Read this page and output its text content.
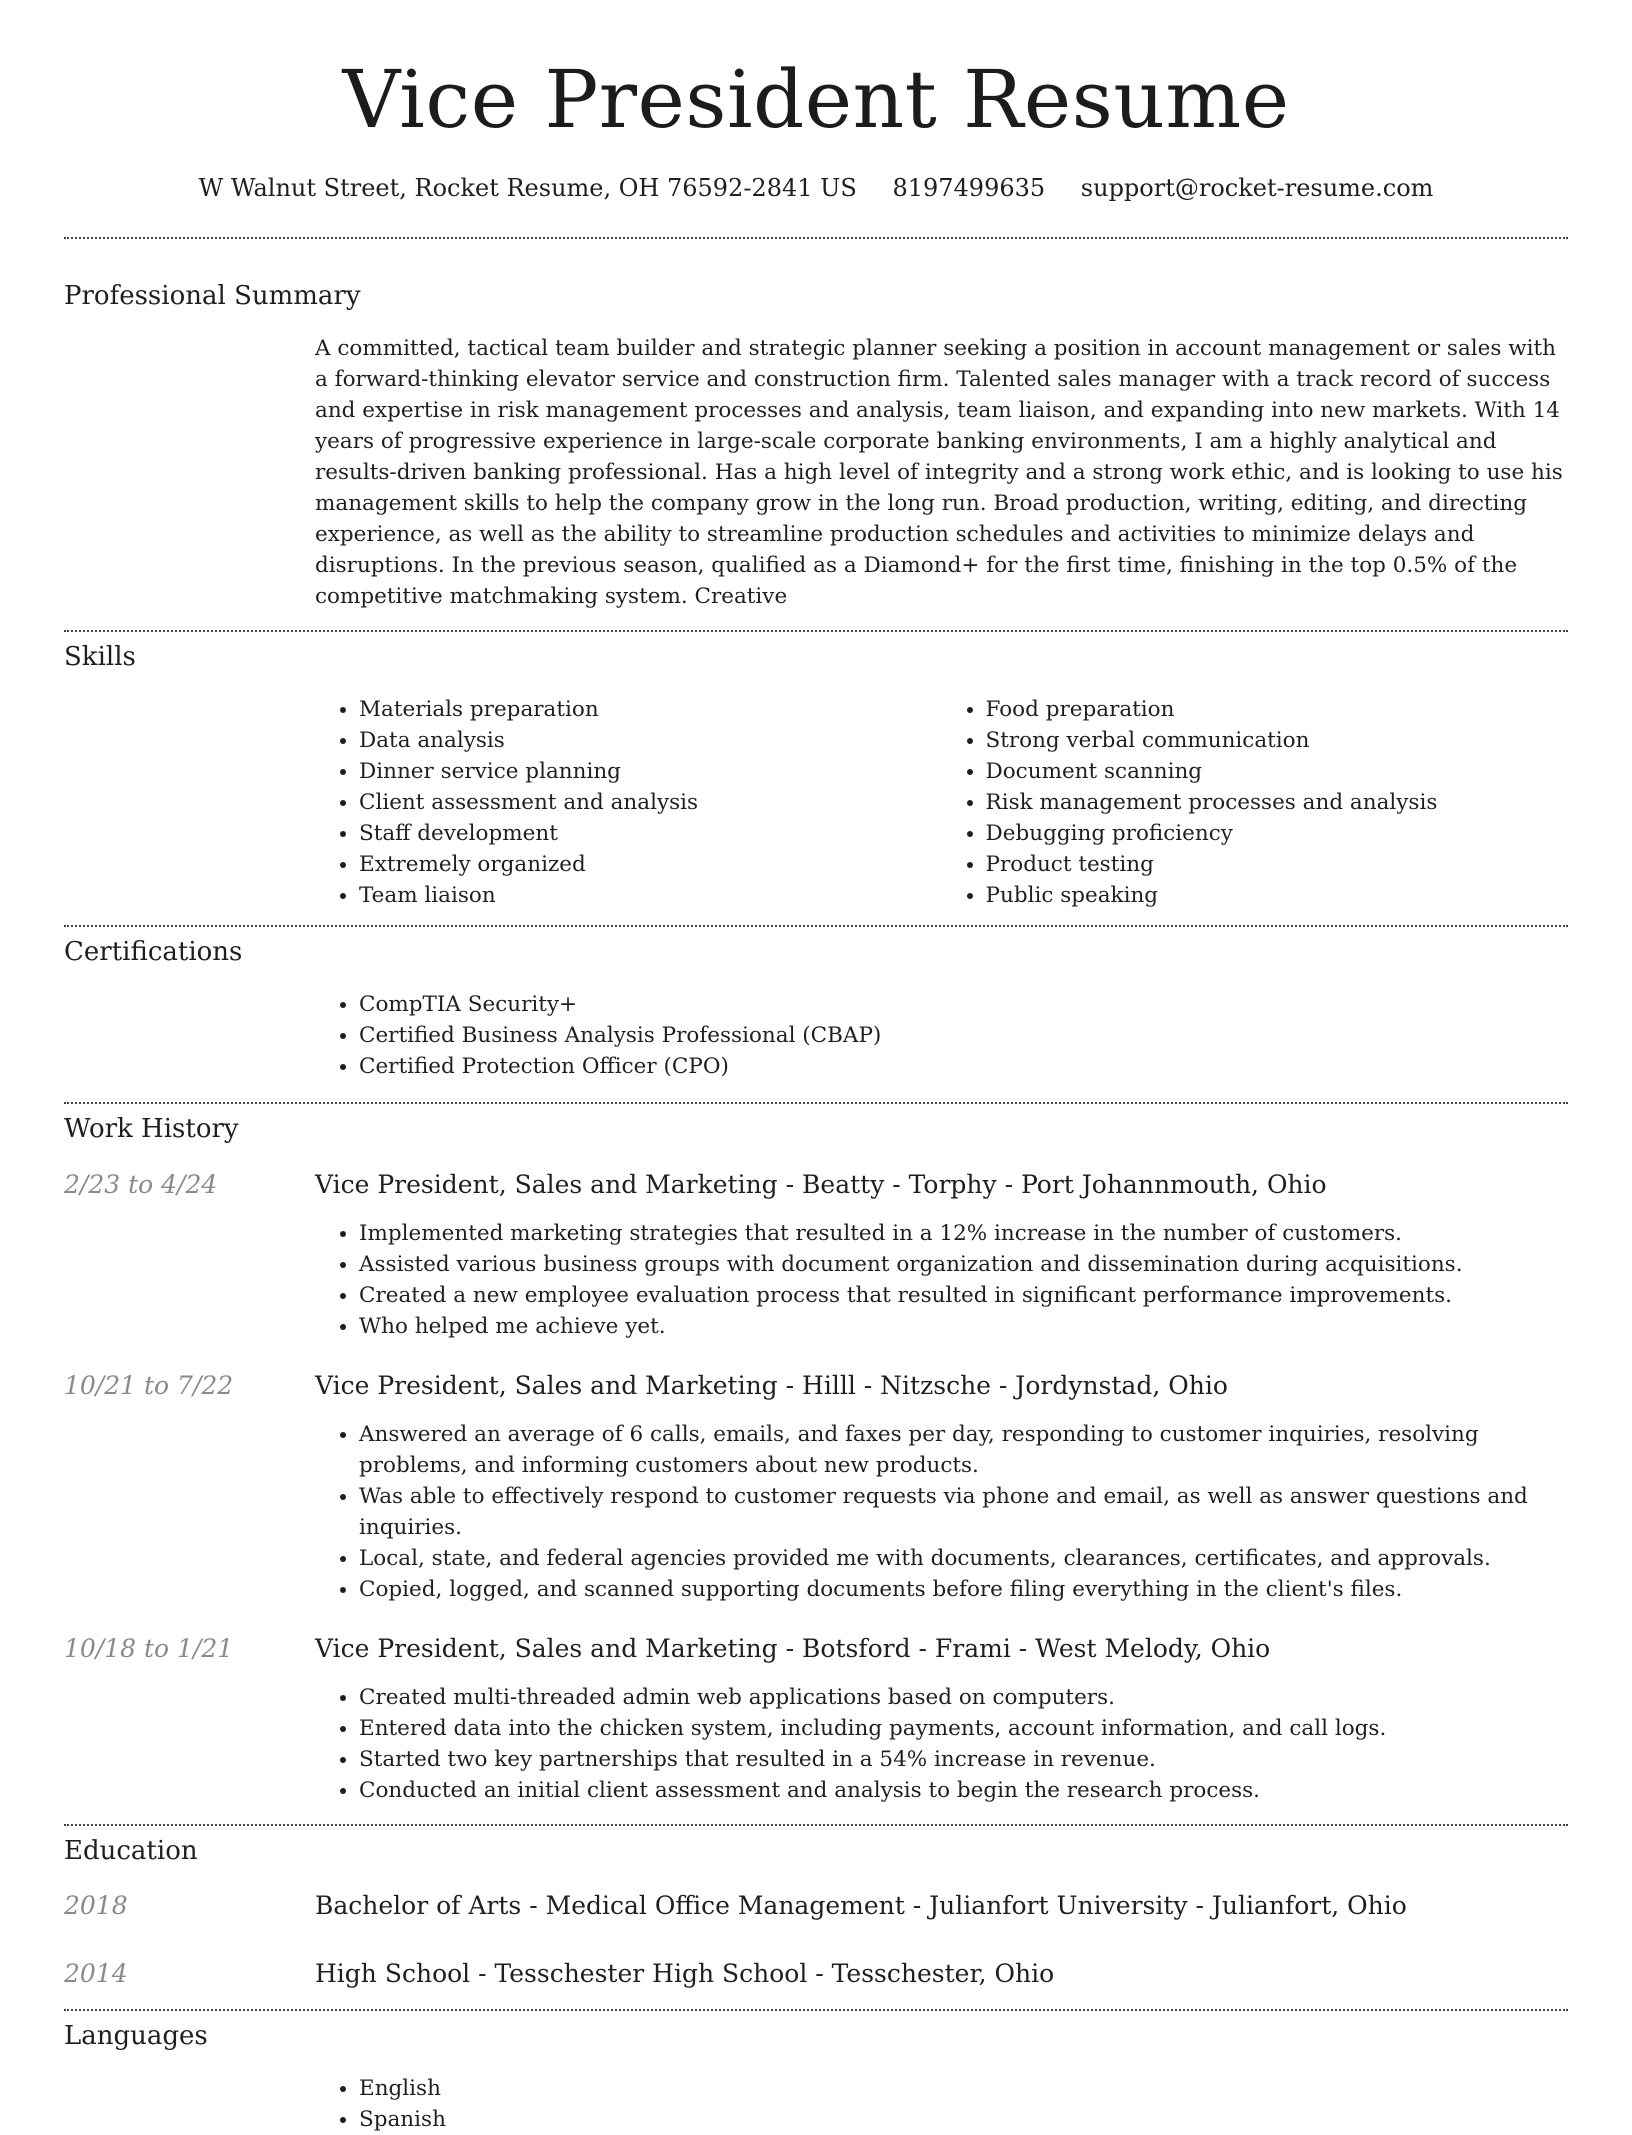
Vice President Resume
W Walnut Street, Rocket Resume, OH 76592-2841 US 8197499635 support@rocket-resume.com
Professional Summary
A committed, tactical team builder and strategic planner seeking a position in account management or sales with a forward-thinking elevator service and construction firm. Talented sales manager with a track record of success and expertise in risk management processes and analysis, team liaison, and expanding into new markets. With 14 years of progressive experience in large-scale corporate banking environments, I am a highly analytical and results-driven banking professional. Has a high level of integrity and a strong work ethic, and is looking to use his management skills to help the company grow in the long run. Broad production, writing, editing, and directing experience, as well as the ability to streamline production schedules and activities to minimize delays and disruptions. In the previous season, qualified as a Diamond+ for the first time, finishing in the top 0.5% of the competitive matchmaking system. Creative
Skills
• Materials preparation
• Data analysis
• Dinner service planning
• Client assessment and analysis
• Staff development
• Extremely organized
• Team liaison
• Food preparation
• Strong verbal communication
• Document scanning
• Risk management processes and analysis
• Debugging proficiency
• Product testing
• Public speaking
Certifications
• CompTIA Security+
• Certified Business Analysis Professional (CBAP)
• Certified Protection Officer (CPO)
Work History
2/23 to 4/24	Vice President, Sales and Marketing - Beatty - Torphy - Port Johannmouth, Ohio
• Implemented marketing strategies that resulted in a 12% increase in the number of customers.
• Assisted various business groups with document organization and dissemination during acquisitions.
• Created a new employee evaluation process that resulted in significant performance improvements.
• Who helped me achieve yet.
10/21 to 7/22	Vice President, Sales and Marketing - Hilll - Nitzsche - Jordynstad, Ohio
• Answered an average of 6 calls, emails, and faxes per day, responding to customer inquiries, resolving problems, and informing customers about new products.
• Was able to effectively respond to customer requests via phone and email, as well as answer questions and inquiries.
• Local, state, and federal agencies provided me with documents, clearances, certificates, and approvals.
• Copied, logged, and scanned supporting documents before filing everything in the client's files.
10/18 to 1/21	Vice President, Sales and Marketing - Botsford - Frami - West Melody, Ohio
• Created multi-threaded admin web applications based on computers.
• Entered data into the chicken system, including payments, account information, and call logs.
• Started two key partnerships that resulted in a 54% increase in revenue.
• Conducted an initial client assessment and analysis to begin the research process.
Education
2018	Bachelor of Arts - Medical Office Management - Julianfort University - Julianfort, Ohio
2014	High School - Tesschester High School - Tesschester, Ohio
Languages
• English
• Spanish
